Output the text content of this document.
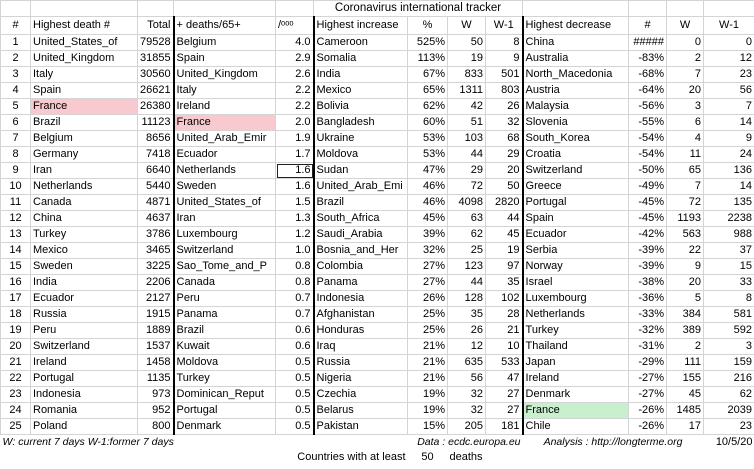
					Coronavirus international tracker							
#	Highest death #	Total	+ deaths/65+	/ᵒᵒᵒ	Highest increase	%	W	W-1	Highest decrease	#	W	W-1
1	United_States_of	79528	Belgium	4.0	Cameroon	525%	50	8	China	#####	0	0
2	United_Kingdom	31855	Spain	2.9	Somalia	113%	19	9	Australia	-83%	2	12
3	Italy	30560	United_Kingdom	2.6	India	67%	833	501	North_Macedonia	-68%	7	23
4	Spain	26621	Italy	2.2	Mexico	65%	1311	803	Austria	-64%	20	56
5	France	26380	Ireland	2.2	Bolivia	62%	42	26	Malaysia	-56%	3	7
6	Brazil	11123	France	2.0	Bangladesh	60%	51	32	Slovenia	-55%	6	14
7	Belgium	8656	United_Arab_Emir	1.9	Ukraine	53%	103	68	South_Korea	-54%	4	9
8	Germany	7418	Ecuador	1.7	Moldova	53%	44	29	Croatia	-54%	11	24
9	Iran	6640	Netherlands	1.6	Sudan	47%	29	20	Switzerland	-50%	65	136
10	Netherlands	5440	Sweden	1.6	United_Arab_Emi	46%	72	50	Greece	-49%	7	14
11	Canada	4871	United_States_of	1.5	Brazil	46%	4098	2820	Portugal	-45%	72	135
12	China	4637	Iran	1.3	South_Africa	45%	63	44	Spain	-45%	1193	2238
13	Turkey	3786	Luxembourg	1.2	Saudi_Arabia	39%	62	45	Ecuador	-42%	563	988
14	Mexico	3465	Switzerland	1.0	Bosnia_and_Her	32%	25	19	Serbia	-39%	22	37
15	Sweden	3225	Sao_Tome_and_P	0.8	Colombia	27%	123	97	Norway	-39%	9	15
16	India	2206	Canada	0.8	Panama	27%	44	35	Israel	-38%	20	33
17	Ecuador	2127	Peru	0.7	Indonesia	26%	128	102	Luxembourg	-36%	5	8
18	Russia	1915	Panama	0.7	Afghanistan	25%	35	28	Netherlands	-33%	384	581
19	Peru	1889	Brazil	0.6	Honduras	25%	26	21	Turkey	-32%	389	592
20	Switzerland	1537	Kuwait	0.6	Iraq	21%	12	10	Thailand	-31%	2	3
21	Ireland	1458	Moldova	0.5	Russia	21%	635	533	Japan	-29%	111	159
22	Portugal	1135	Turkey	0.5	Nigeria	21%	56	47	Ireland	-27%	155	216
23	Indonesia	973	Dominican_Reput	0.5	Czechia	19%	32	27	Denmark	-27%	45	62
24	Romania	952	Portugal	0.5	Belarus	19%	32	27	France	-26%	1485	2039
25	Poland	800	Denmark	0.5	Pakistan	15%	205	181	Chile	-26%	17	23
W: current 7 days W-1:former 7 days					Data : ecdc.europa.eu				Analysis : http://longterme.org			10/5/20
			Countries with at least			50	deaths					
